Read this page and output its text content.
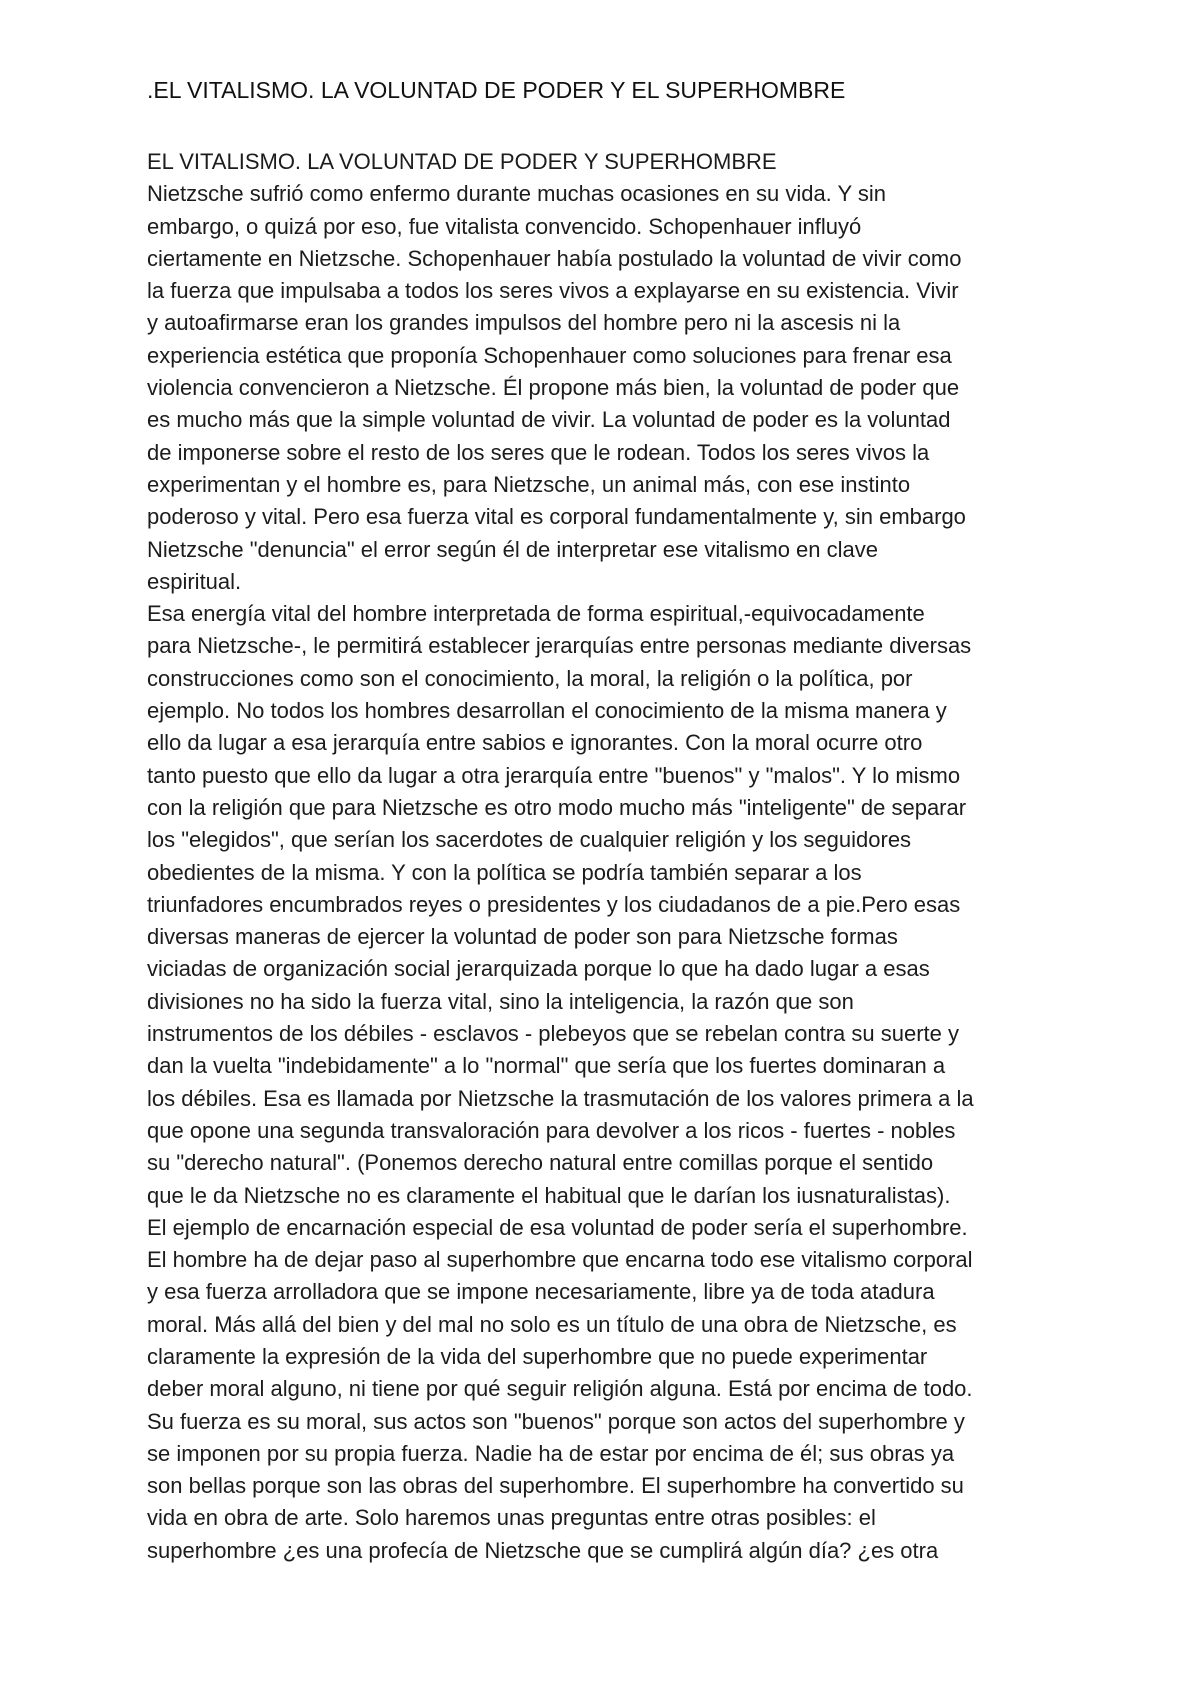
.EL VITALISMO. LA VOLUNTAD DE PODER Y EL SUPERHOMBRE
EL VITALISMO. LA VOLUNTAD DE PODER Y SUPERHOMBRE
Nietzsche sufrió como enfermo durante muchas ocasiones en su vida. Y sin
embargo, o quizá por eso, fue vitalista convencido. Schopenhauer influyó
ciertamente en Nietzsche. Schopenhauer había postulado la voluntad de vivir como
la fuerza que impulsaba a todos los seres vivos a explayarse en su existencia. Vivir
y autoafirmarse eran los grandes impulsos del hombre pero ni la ascesis ni la
experiencia estética que proponía Schopenhauer como soluciones para frenar esa
violencia convencieron a Nietzsche. Él propone más bien, la voluntad de poder que
es mucho más que la simple voluntad de vivir. La voluntad de poder es la voluntad
de imponerse sobre el resto de los seres que le rodean. Todos los seres vivos la
experimentan y el hombre es, para Nietzsche, un animal más, con ese instinto
poderoso y vital. Pero esa fuerza vital es corporal fundamentalmente y, sin embargo
Nietzsche "denuncia" el error según él de interpretar ese vitalismo en clave
espiritual.
Esa energía vital del hombre interpretada de forma espiritual,-equivocadamente
para Nietzsche-, le permitirá establecer jerarquías entre personas mediante diversas
construcciones como son el conocimiento, la moral, la religión o la política, por
ejemplo. No todos los hombres desarrollan el conocimiento de la misma manera y
ello da lugar a esa jerarquía entre sabios e ignorantes. Con la moral ocurre otro
tanto puesto que ello da lugar a otra jerarquía entre "buenos" y "malos". Y lo mismo
con la religión que para Nietzsche es otro modo mucho más "inteligente" de separar
los "elegidos", que serían los sacerdotes de cualquier religión y los seguidores
obedientes de la misma. Y con la política se podría también separar a los
triunfadores encumbrados reyes o presidentes y los ciudadanos de a pie.Pero esas
diversas maneras de ejercer la voluntad de poder son para Nietzsche formas
viciadas de organización social jerarquizada porque lo que ha dado lugar a esas
divisiones no ha sido la fuerza vital, sino la inteligencia, la razón que son
instrumentos de los débiles - esclavos - plebeyos que se rebelan contra su suerte y
dan la vuelta "indebidamente" a lo "normal" que sería que los fuertes dominaran a
los débiles. Esa es llamada por Nietzsche la trasmutación de los valores primera a la
que opone una segunda transvaloración para devolver a los ricos - fuertes - nobles
su "derecho natural". (Ponemos derecho natural entre comillas porque el sentido
que le da Nietzsche no es claramente el habitual que le darían los iusnaturalistas).
El ejemplo de encarnación especial de esa voluntad de poder sería el superhombre.
El hombre ha de dejar paso al superhombre que encarna todo ese vitalismo corporal
y esa fuerza arrolladora que se impone necesariamente, libre ya de toda atadura
moral. Más allá del bien y del mal no solo es un título de una obra de Nietzsche, es
claramente la expresión de la vida del superhombre que no puede experimentar
deber moral alguno, ni tiene por qué seguir religión alguna. Está por encima de todo.
Su fuerza es su moral, sus actos son "buenos" porque son actos del superhombre y
se imponen por su propia fuerza. Nadie ha de estar por encima de él; sus obras ya
son bellas porque son las obras del superhombre. El superhombre ha convertido su
vida en obra de arte. Solo haremos unas preguntas entre otras posibles: el
superhombre ¿es una profecía de Nietzsche que se cumplirá algún día? ¿es otra
